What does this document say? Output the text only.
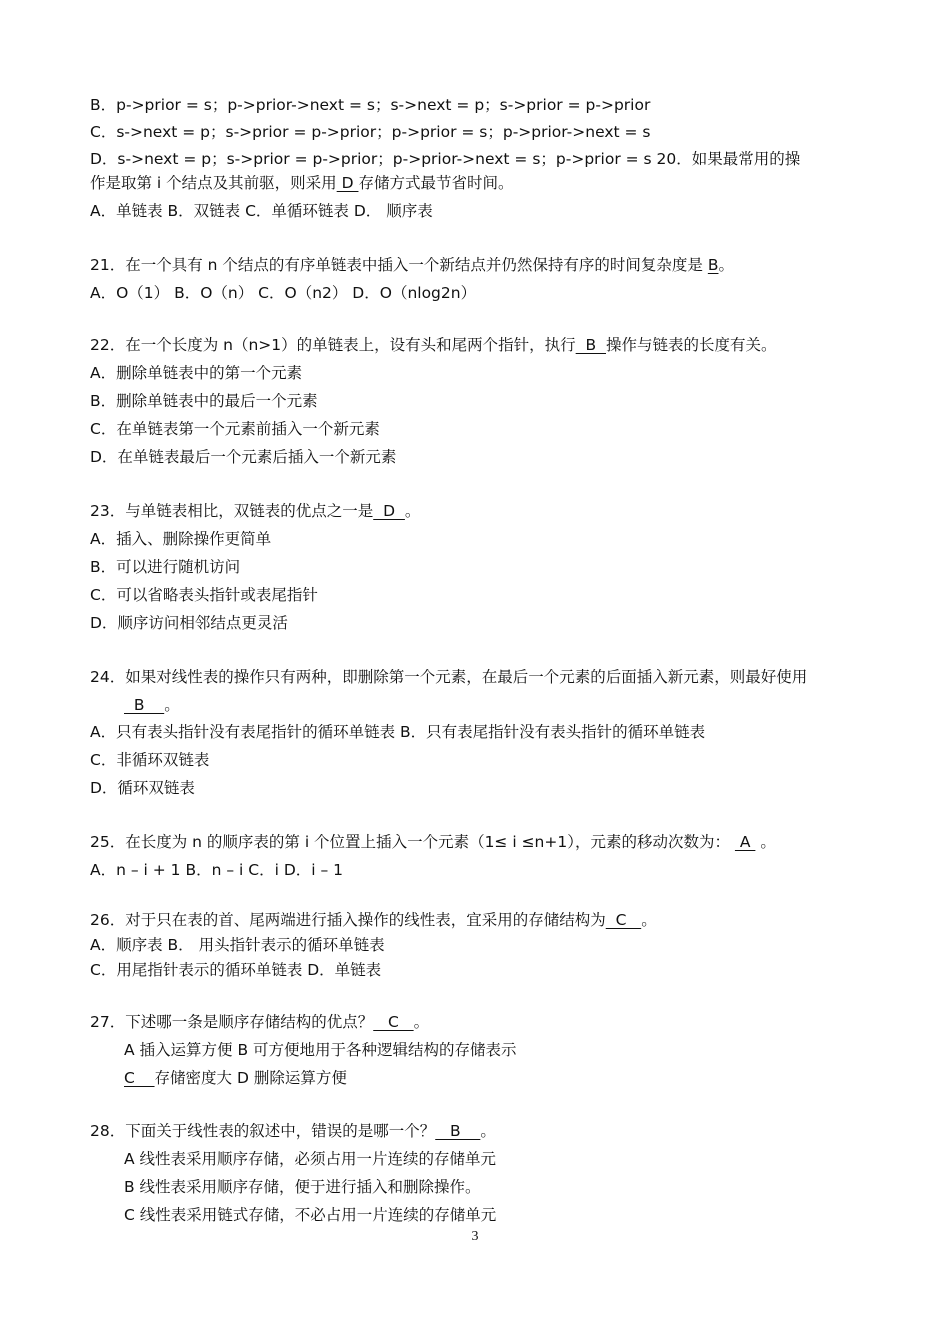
B．p->prior = s；p->prior->next = s；s->next = p；s->prior = p->prior
C．s->next = p；s->prior = p->prior；p->prior = s；p->prior->next = s
D．s->next = p；s->prior = p->prior；p->prior->next = s；p->prior = s 20．如果最常用的操
作是取第 i 个结点及其前驱，则采用 D 存储方式最节省时间。
A．单链表 B．双链表 C．单循环链表 D． 顺序表
21．在一个具有 n 个结点的有序单链表中插入一个新结点并仍然保持有序的时间复杂度是 B。
A．O（1） B．O（n） C．O（n2） D．O（nlog2n）
22．在一个长度为 n（n>1）的单链表上，设有头和尾两个指针，执行  B  操作与链表的长度有关。
A．删除单链表中的第一个元素
B．删除单链表中的最后一个元素
C．在单链表第一个元素前插入一个新元素
D．在单链表最后一个元素后插入一个新元素
23．与单链表相比，双链表的优点之一是  D  。
A．插入、删除操作更简单
B．可以进行随机访问
C．可以省略表头指针或表尾指针
D．顺序访问相邻结点更灵活
24．如果对线性表的操作只有两种，即删除第一个元素，在最后一个元素的后面插入新元素，则最好使用
B    。
A．只有表头指针没有表尾指针的循环单链表 B．只有表尾指针没有表头指针的循环单链表
C．非循环双链表
D．循环双链表
25．在长度为 n 的顺序表的第 i 个位置上插入一个元素（1≤ i ≤n+1），元素的移动次数为：  A  。
A．n – i + 1 B．n – i C．i D．i – 1
26．对于只在表的首、尾两端进行插入操作的线性表，宜采用的存储结构为  C   。
A．顺序表 B． 用头指针表示的循环单链表
C．用尾指针表示的循环单链表 D．单链表
27．下述哪一条是顺序存储结构的优点？   C   。
A 插入运算方便 B 可方便地用于各种逻辑结构的存储表示
C    存储密度大 D 删除运算方便
28．下面关于线性表的叙述中，错误的是哪一个？   B    。
A 线性表采用顺序存储，必须占用一片连续的存储单元
B 线性表采用顺序存储，便于进行插入和删除操作。
C 线性表采用链式存储，不必占用一片连续的存储单元
3
